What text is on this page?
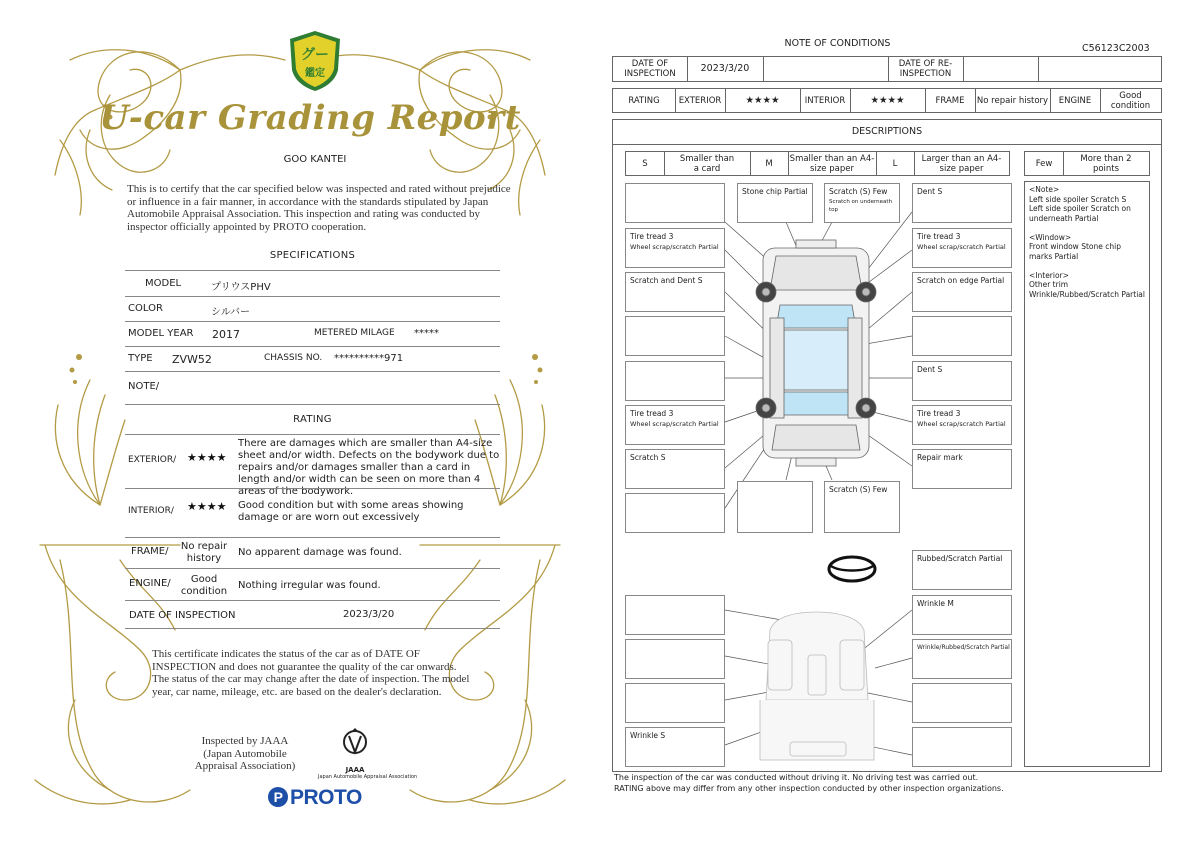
グー
鑑定
U-car Grading Report
GOO KANTEI
This is to certify that the car specified below was inspected and rated without prejudice or influence in a fair manner, in accordance with the standards stipulated by Japan Automobile Appraisal Association. This inspection and rating was conducted by inspector officially appointed by PROTO cooperation.
SPECIFICATIONS
MODEL	プリウスPHV
COLOR	シルバー
MODEL YEAR 2017	METERED MILAGE *****
TYPE ZVW52	CHASSIS NO. **********971
NOTE/
RATING
EXTERIOR/ ★★★★
There are damages which are smaller than A4-size sheet and/or width. Defects on the bodywork due to repairs and/or damages smaller than a card in length and/or width can be seen on more than 4 areas of the bodywork.
INTERIOR/ ★★★★ Good condition but with some areas showing damage or are worn out excessively
FRAME/	No repair history
No apparent damage was found.
ENGINE/	Good condition
Nothing irregular was found.
DATE OF INSPECTION	2023/3/20
This certificate indicates the status of the car as of DATE OF INSPECTION and does not guarantee the quality of the car onwards. The status of the car may change after the date of inspection. The model year, car name, mileage, etc. are based on the dealer's declaration.
Inspected by JAAA (Japan Automobile Appraisal Association)	JAAA
Japan Automobile Appraisal Association
P PROTO
NOTE OF CONDITIONS	C56123C2003
DATE OF INSPECTION	2023/3/20	DATE OF RE-INSPECTION
RATING	EXTERIOR	★★★★	INTERIOR	★★★★	FRAME	No repair history	ENGINE	Good condition
DESCRIPTIONS
S	Smaller than a card	M	Smaller than an A4-size paper	L	Larger than an A4-size paper	Few	More than 2 points
Stone chip Partial	Scratch (S) Few
Scratch on underneath top
Dent S
Tire tread 3
Wheel scrap/scratch Partial
Tire tread 3
Wheel scrap/scratch Partial
Scratch and Dent S	Scratch on edge Partial
Dent S
Tire tread 3
Wheel scrap/scratch Partial
Tire tread 3
Wheel scrap/scratch Partial
Scratch S	Repair mark
Scratch (S) Few
Rubbed/Scratch Partial
Wrinkle M
Wrinkle/Rubbed/Scratch Partial
Wrinkle S

<Note>
Left side spoiler Scratch S
Left side spoiler Scratch on underneath Partial

<Window>
Front window Stone chip marks Partial

<Interior>
Other trim
Wrinkle/Rubbed/Scratch Partial

The inspection of the car was conducted without driving it. No driving test was carried out.
RATING above may differ from any other inspection conducted by other inspection organizations.
